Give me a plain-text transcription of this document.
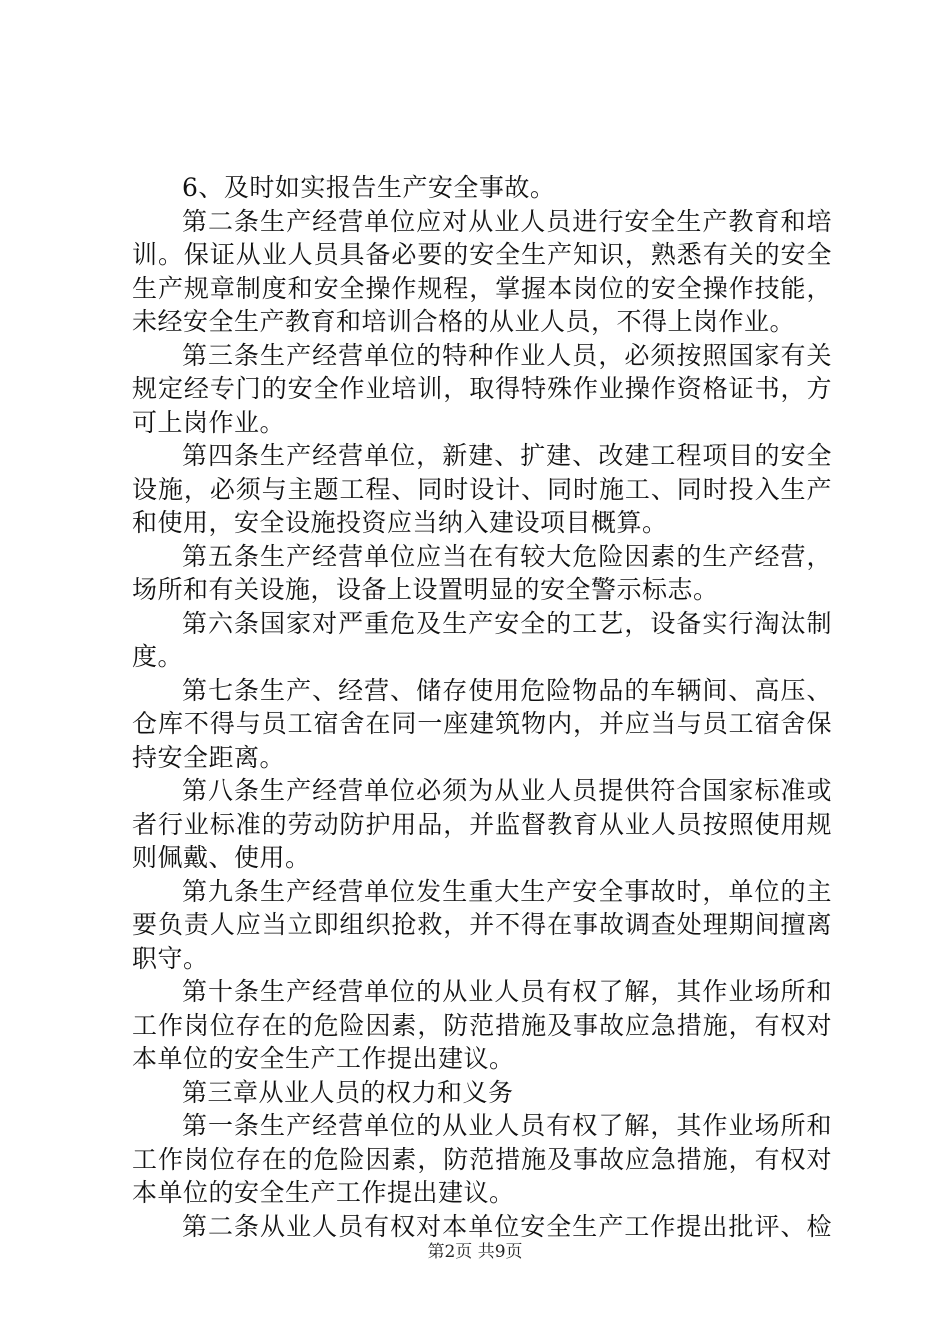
6、及时如实报告生产安全事故。

第二条生产经营单位应对从业人员进行安全生产教育和培训。保证从业人员具备必要的安全生产知识，熟悉有关的安全生产规章制度和安全操作规程，掌握本岗位的安全操作技能，未经安全生产教育和培训合格的从业人员，不得上岗作业。

第三条生产经营单位的特种作业人员，必须按照国家有关规定经专门的安全作业培训，取得特殊作业操作资格证书，方可上岗作业。

第四条生产经营单位，新建、扩建、改建工程项目的安全设施，必须与主题工程、同时设计、同时施工、同时投入生产和使用，安全设施投资应当纳入建设项目概算。

第五条生产经营单位应当在有较大危险因素的生产经营，场所和有关设施，设备上设置明显的安全警示标志。

第六条国家对严重危及生产安全的工艺，设备实行淘汰制度。

第七条生产、经营、储存使用危险物品的车辆间、高压、仓库不得与员工宿舍在同一座建筑物内，并应当与员工宿舍保持安全距离。

第八条生产经营单位必须为从业人员提供符合国家标准或者行业标准的劳动防护用品，并监督教育从业人员按照使用规则佩戴、使用。

第九条生产经营单位发生重大生产安全事故时，单位的主要负责人应当立即组织抢救，并不得在事故调查处理期间擅离职守。

第十条生产经营单位的从业人员有权了解，其作业场所和工作岗位存在的危险因素，防范措施及事故应急措施，有权对本单位的安全生产工作提出建议。

第三章从业人员的权力和义务

第一条生产经营单位的从业人员有权了解，其作业场所和工作岗位存在的危险因素，防范措施及事故应急措施，有权对本单位的安全生产工作提出建议。

第二条从业人员有权对本单位安全生产工作提出批评、检

第2页 共9页
